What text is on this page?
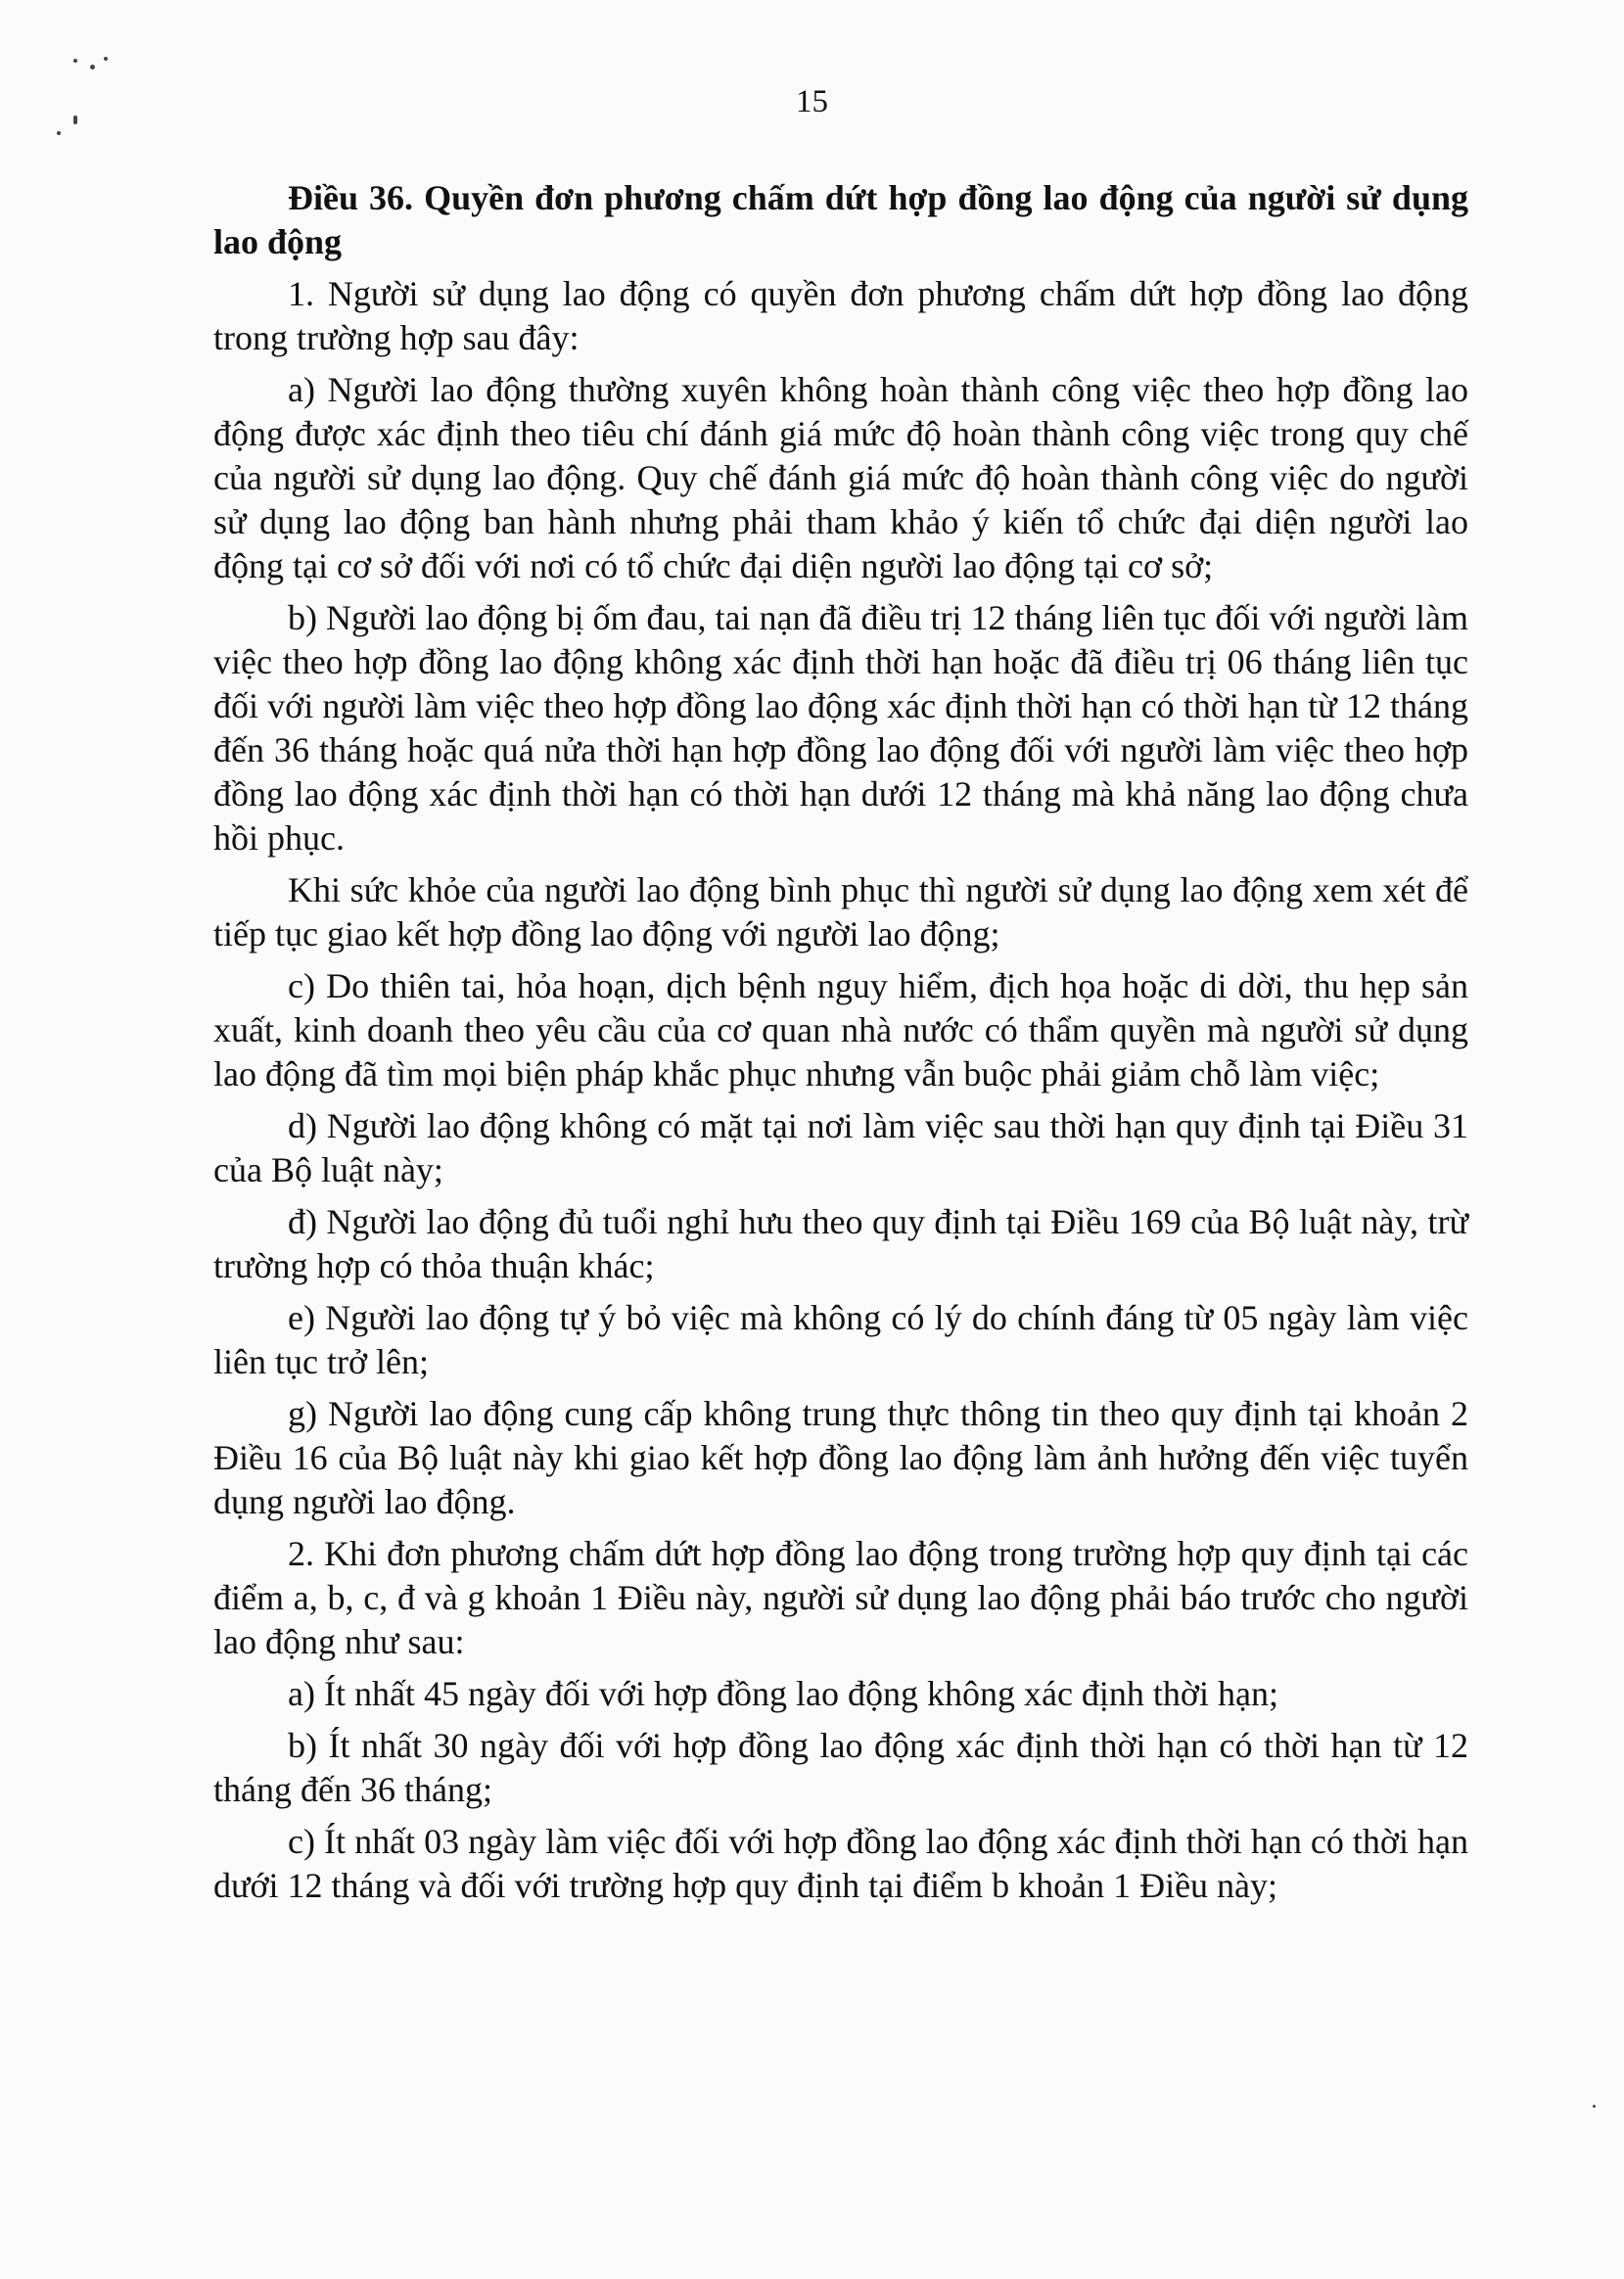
15
Điều 36. Quyền đơn phương chấm dứt hợp đồng lao động của người sử dụng lao động

1. Người sử dụng lao động có quyền đơn phương chấm dứt hợp đồng lao động trong trường hợp sau đây:

a) Người lao động thường xuyên không hoàn thành công việc theo hợp đồng lao động được xác định theo tiêu chí đánh giá mức độ hoàn thành công việc trong quy chế của người sử dụng lao động. Quy chế đánh giá mức độ hoàn thành công việc do người sử dụng lao động ban hành nhưng phải tham khảo ý kiến tổ chức đại diện người lao động tại cơ sở đối với nơi có tổ chức đại diện người lao động tại cơ sở;

b) Người lao động bị ốm đau, tai nạn đã điều trị 12 tháng liên tục đối với người làm việc theo hợp đồng lao động không xác định thời hạn hoặc đã điều trị 06 tháng liên tục đối với người làm việc theo hợp đồng lao động xác định thời hạn có thời hạn từ 12 tháng đến 36 tháng hoặc quá nửa thời hạn hợp đồng lao động đối với người làm việc theo hợp đồng lao động xác định thời hạn có thời hạn dưới 12 tháng mà khả năng lao động chưa hồi phục.

Khi sức khỏe của người lao động bình phục thì người sử dụng lao động xem xét để tiếp tục giao kết hợp đồng lao động với người lao động;

c) Do thiên tai, hỏa hoạn, dịch bệnh nguy hiểm, địch họa hoặc di dời, thu hẹp sản xuất, kinh doanh theo yêu cầu của cơ quan nhà nước có thẩm quyền mà người sử dụng lao động đã tìm mọi biện pháp khắc phục nhưng vẫn buộc phải giảm chỗ làm việc;

d) Người lao động không có mặt tại nơi làm việc sau thời hạn quy định tại Điều 31 của Bộ luật này;

đ) Người lao động đủ tuổi nghỉ hưu theo quy định tại Điều 169 của Bộ luật này, trừ trường hợp có thỏa thuận khác;

e) Người lao động tự ý bỏ việc mà không có lý do chính đáng từ 05 ngày làm việc liên tục trở lên;

g) Người lao động cung cấp không trung thực thông tin theo quy định tại khoản 2 Điều 16 của Bộ luật này khi giao kết hợp đồng lao động làm ảnh hưởng đến việc tuyển dụng người lao động.

2. Khi đơn phương chấm dứt hợp đồng lao động trong trường hợp quy định tại các điểm a, b, c, đ và g khoản 1 Điều này, người sử dụng lao động phải báo trước cho người lao động như sau:

a) Ít nhất 45 ngày đối với hợp đồng lao động không xác định thời hạn;

b) Ít nhất 30 ngày đối với hợp đồng lao động xác định thời hạn có thời hạn từ 12 tháng đến 36 tháng;

c) Ít nhất 03 ngày làm việc đối với hợp đồng lao động xác định thời hạn có thời hạn dưới 12 tháng và đối với trường hợp quy định tại điểm b khoản 1 Điều này;
